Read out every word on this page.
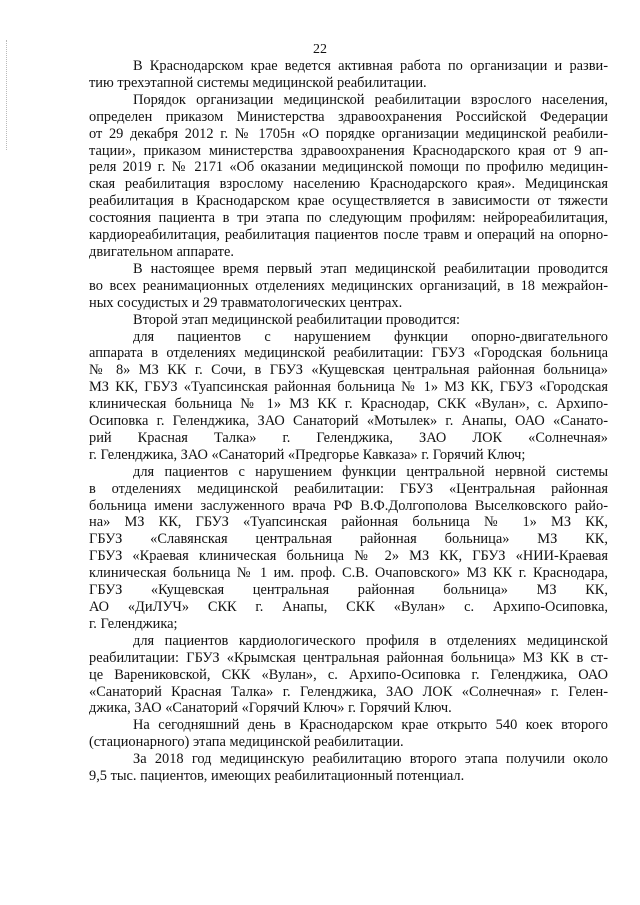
22
В Краснодарском крае ведется активная работа по организации и разви-
тию трехэтапной системы медицинской реабилитации.
Порядок организации медицинской реабилитации взрослого населения,
определен приказом Министерства здравоохранения Российской Федерации
от 29 декабря 2012 г. № 1705н «О порядке организации медицинской реабили-
тации», приказом министерства здравоохранения Краснодарского края от 9 ап-
реля 2019 г. № 2171 «Об оказании медицинской помощи по профилю медицин-
ская реабилитация взрослому населению Краснодарского края». Медицинская
реабилитация в Краснодарском крае осуществляется в зависимости от тяжести
состояния пациента в три этапа по следующим профилям: нейрореабилитация,
кардиореабилитация, реабилитация пациентов после травм и операций на опорно-
двигательном аппарате.
В настоящее время первый этап медицинской реабилитации проводится
во всех реанимационных отделениях медицинских организаций, в 18 межрайон-
ных сосудистых и 29 травматологических центрах.
Второй этап медицинской реабилитации проводится:
для пациентов с нарушением функции опорно-двигательного
аппарата в отделениях медицинской реабилитации: ГБУЗ «Городская больница
№ 8» МЗ КК г. Сочи, в ГБУЗ «Кущевская центральная районная больница»
МЗ КК, ГБУЗ «Туапсинская районная больница № 1» МЗ КК, ГБУЗ «Городская
клиническая больница № 1» МЗ КК г. Краснодар, СКК «Вулан», с. Архипо-
Осиповка г. Геленджика, ЗАО Санаторий «Мотылек» г. Анапы, ОАО «Санато-
рий Красная Талка» г. Геленджика, ЗАО ЛОК «Солнечная»
г. Геленджика, ЗАО «Санаторий «Предгорье Кавказа» г. Горячий Ключ;
для пациентов с нарушением функции центральной нервной системы
в отделениях медицинской реабилитации: ГБУЗ «Центральная районная
больница имени заслуженного врача РФ В.Ф.Долгополова Выселковского райо-
на» МЗ КК, ГБУЗ «Туапсинская районная больница № 1» МЗ КК,
ГБУЗ «Славянская центральная районная больница» МЗ КК,
ГБУЗ «Краевая клиническая больница № 2» МЗ КК, ГБУЗ «НИИ-Краевая
клиническая больница № 1 им. проф. С.В. Очаповского» МЗ КК г. Краснодара,
ГБУЗ «Кущевская центральная районная больница» МЗ КК,
АО «ДиЛУЧ» СКК г. Анапы, СКК «Вулан» с. Архипо-Осиповка,
г. Геленджика;
для пациентов кардиологического профиля в отделениях медицинской
реабилитации: ГБУЗ «Крымская центральная районная больница» МЗ КК в ст-
це Варениковской, СКК «Вулан», с. Архипо-Осиповка г. Геленджика, ОАО
«Санаторий Красная Талка» г. Геленджика, ЗАО ЛОК «Солнечная» г. Гелен-
джика, ЗАО «Санаторий «Горячий Ключ» г. Горячий Ключ.
На сегодняшний день в Краснодарском крае открыто 540 коек второго
(стационарного) этапа медицинской реабилитации.
За 2018 год медицинскую реабилитацию второго этапа получили около
9,5 тыс. пациентов, имеющих реабилитационный потенциал.
